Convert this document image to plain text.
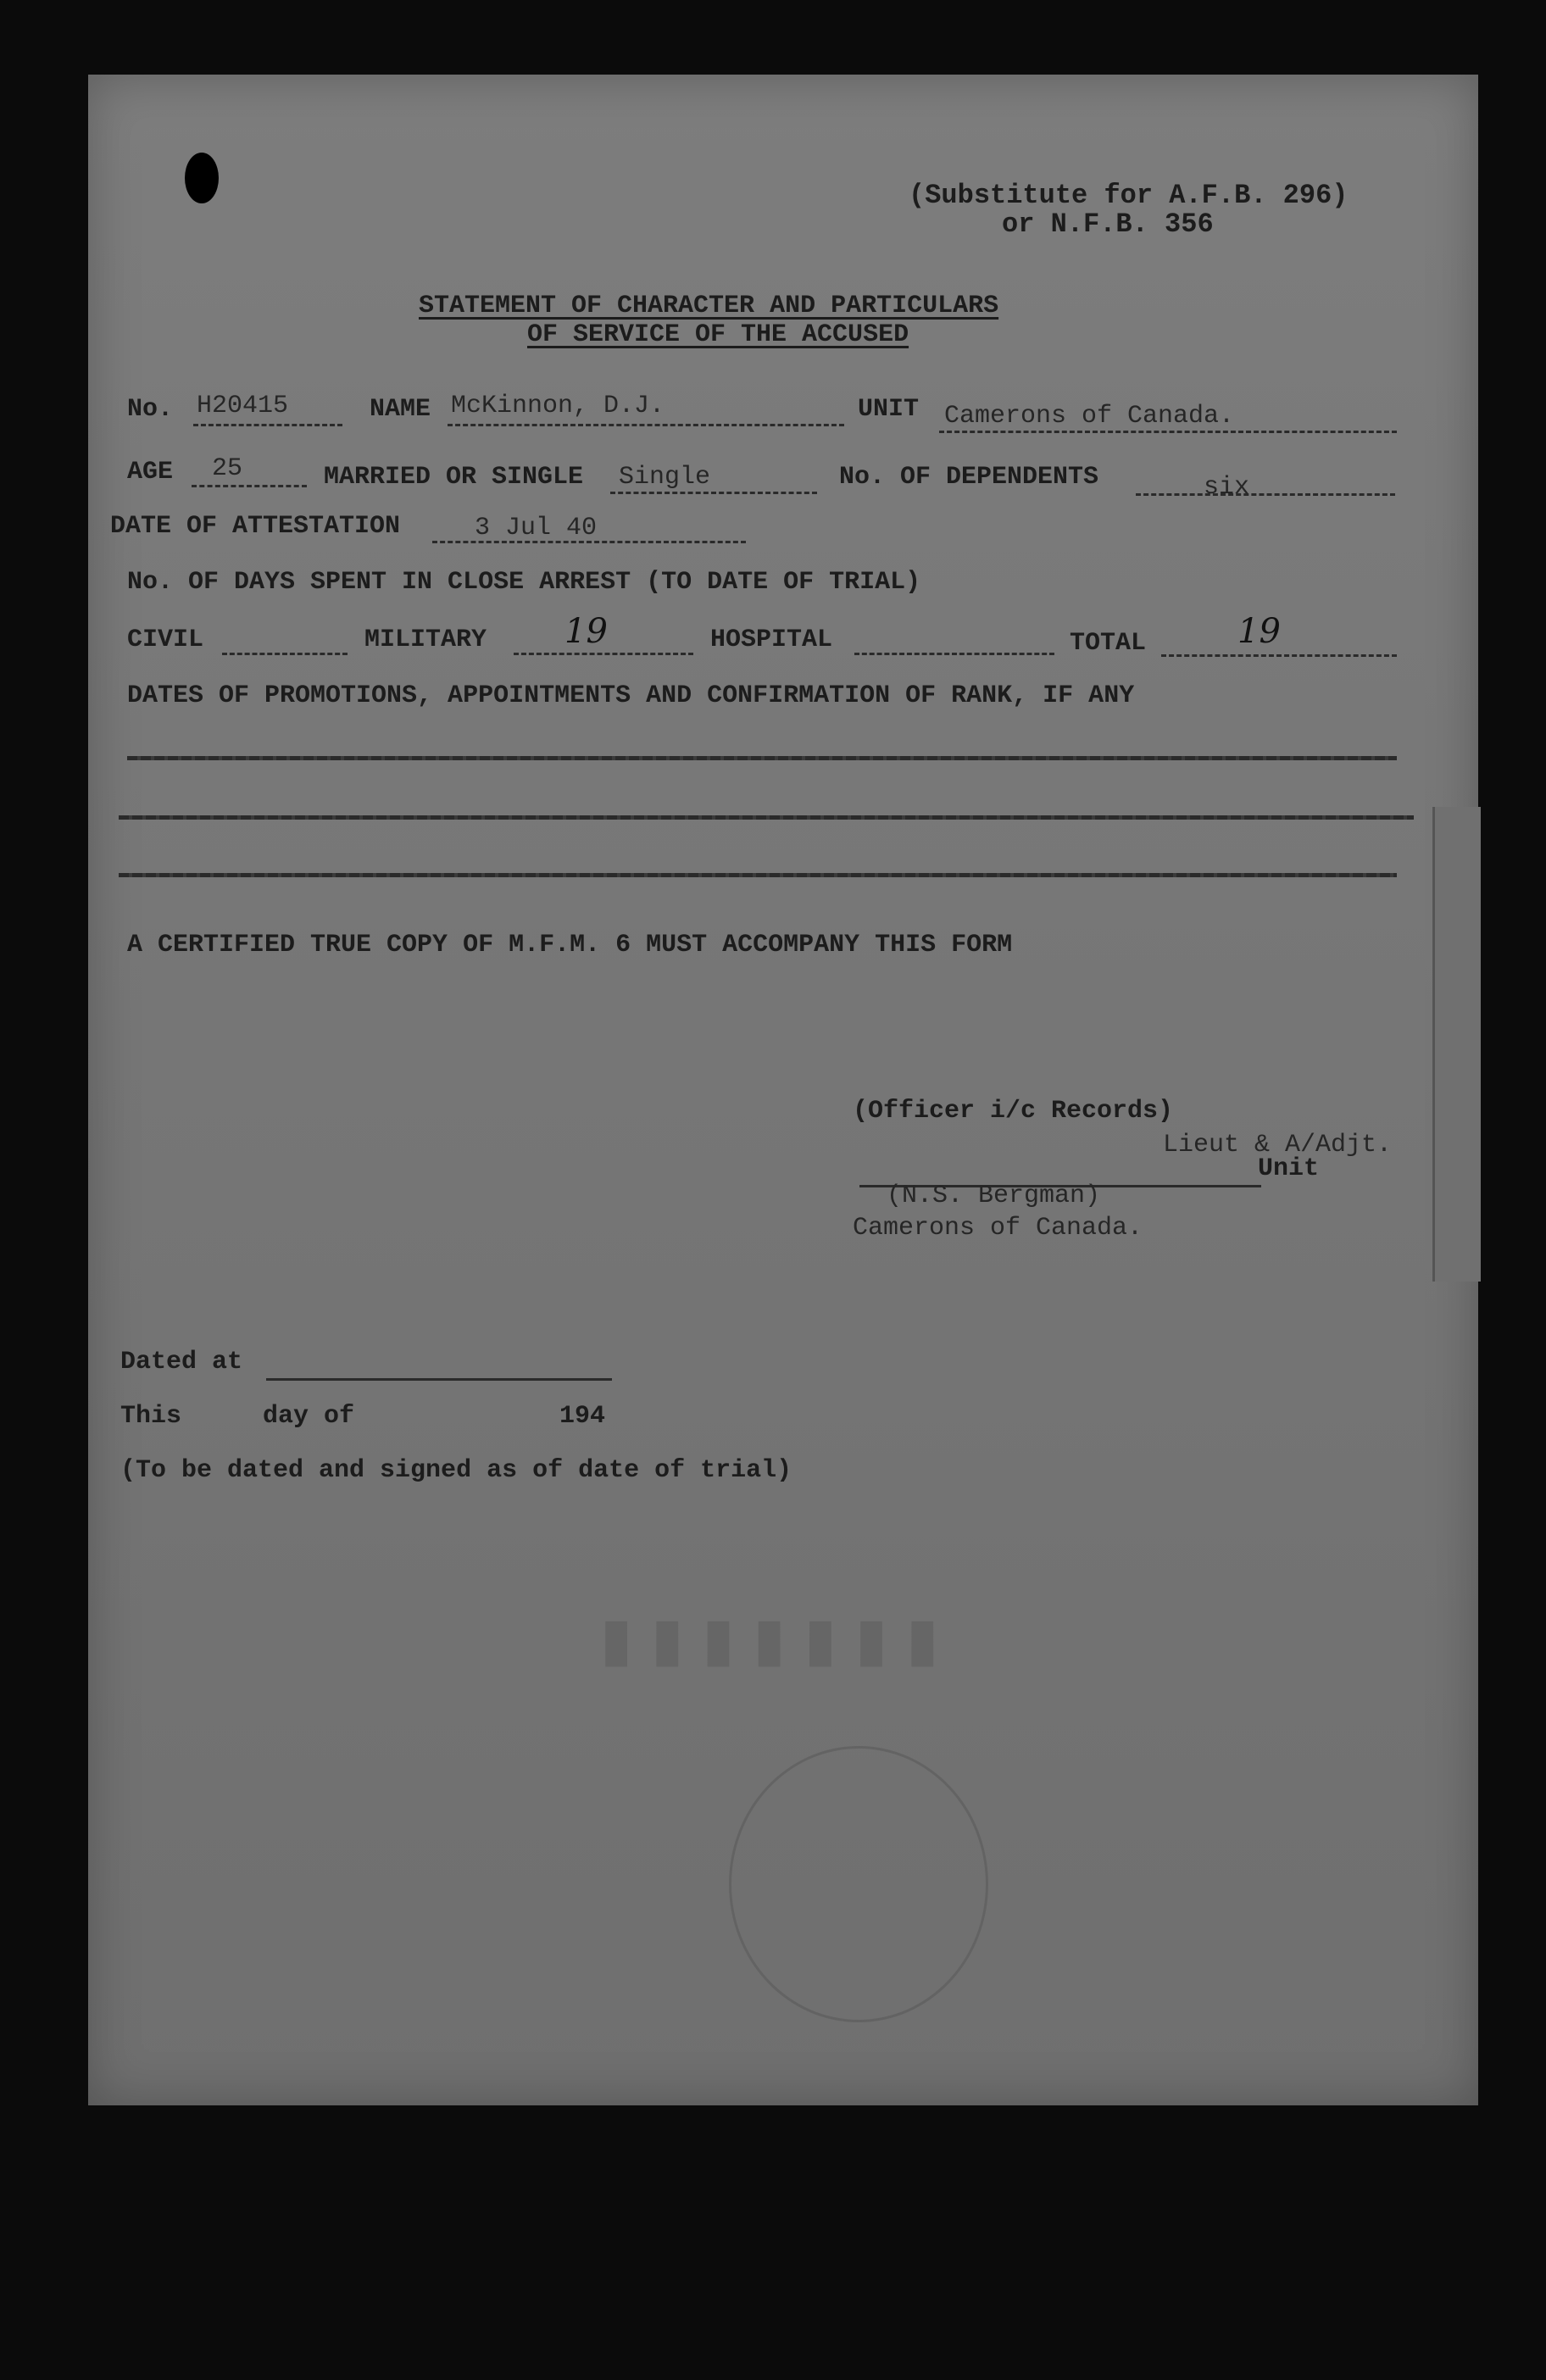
▮▮▮▮▮▮▮
(Substitute for A.F.B. 296)
or N.F.B. 356
STATEMENT OF CHARACTER AND PARTICULARS
OF SERVICE OF THE ACCUSED
No. H20415	NAME McKinnon, D.J.	UNIT Camerons of Canada.
AGE 25	MARRIED OR SINGLE Single	No. OF DEPENDENTS	six
DATE OF ATTESTATION	3 Jul 40
No. OF DAYS SPENT IN CLOSE ARREST (TO DATE OF TRIAL)
CIVIL	MILITARY 19	HOSPITAL	TOTAL	19
DATES OF PROMOTIONS, APPOINTMENTS AND CONFIRMATION OF RANK, IF ANY
A CERTIFIED TRUE COPY OF M.F.M. 6 MUST ACCOMPANY THIS FORM
(Officer i/c Records)
Lieut & A/Adjt.
Unit
(N.S. Bergman)
Camerons of Canada.
Dated at
This	day of	194
(To be dated and signed as of date of trial)
